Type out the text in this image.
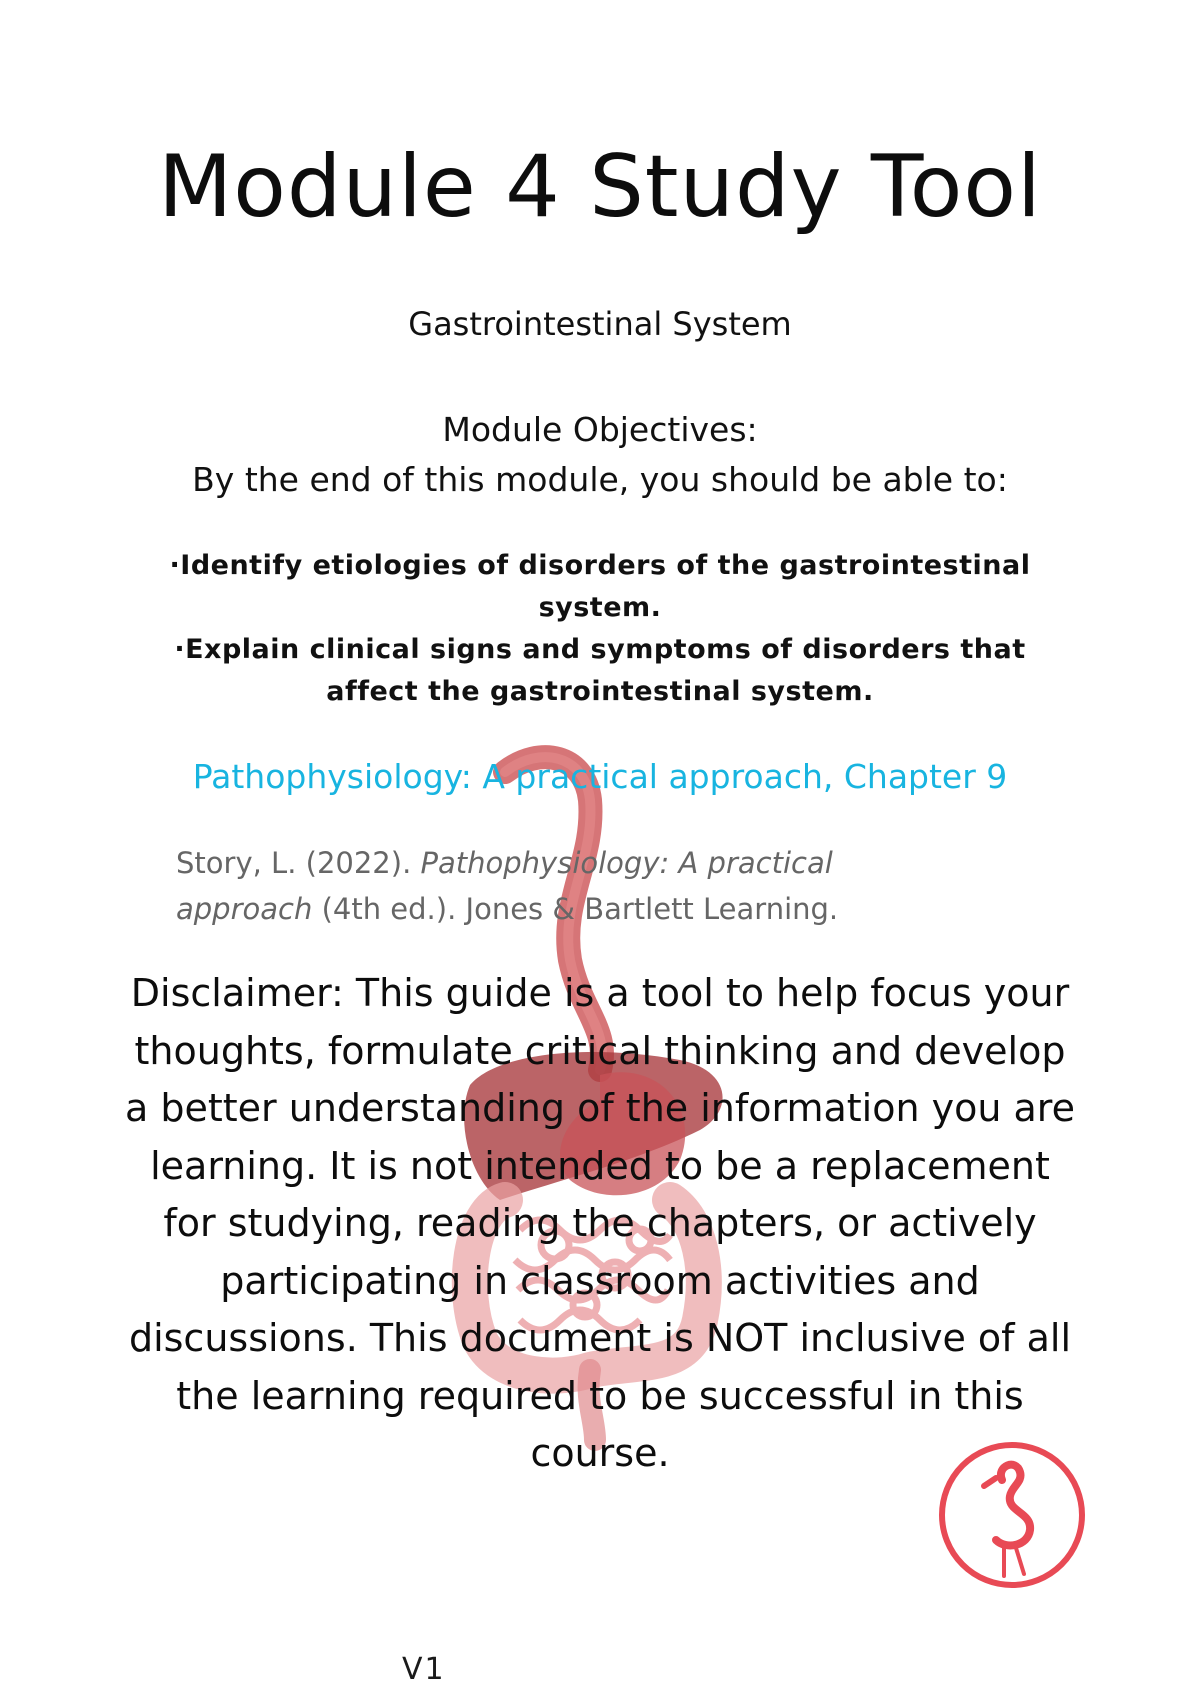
Module 4 Study Tool
Gastrointestinal System
Module Objectives:
By the end of this module, you should be able to:
·Identify etiologies of disorders of the gastrointestinal system.
·Explain clinical signs and symptoms of disorders that affect the gastrointestinal system.
Pathophysiology: A practical approach, Chapter 9
Story, L. (2022). Pathophysiology: A practical approach (4th ed.). Jones & Bartlett Learning.
Disclaimer: This guide is a tool to help focus your thoughts, formulate critical thinking and develop a better understanding of the information you are learning. It is not intended to be a replacement for studying, reading the chapters, or actively participating in classroom activities and discussions. This document is NOT inclusive of all the learning required to be successful in this course.
V1
